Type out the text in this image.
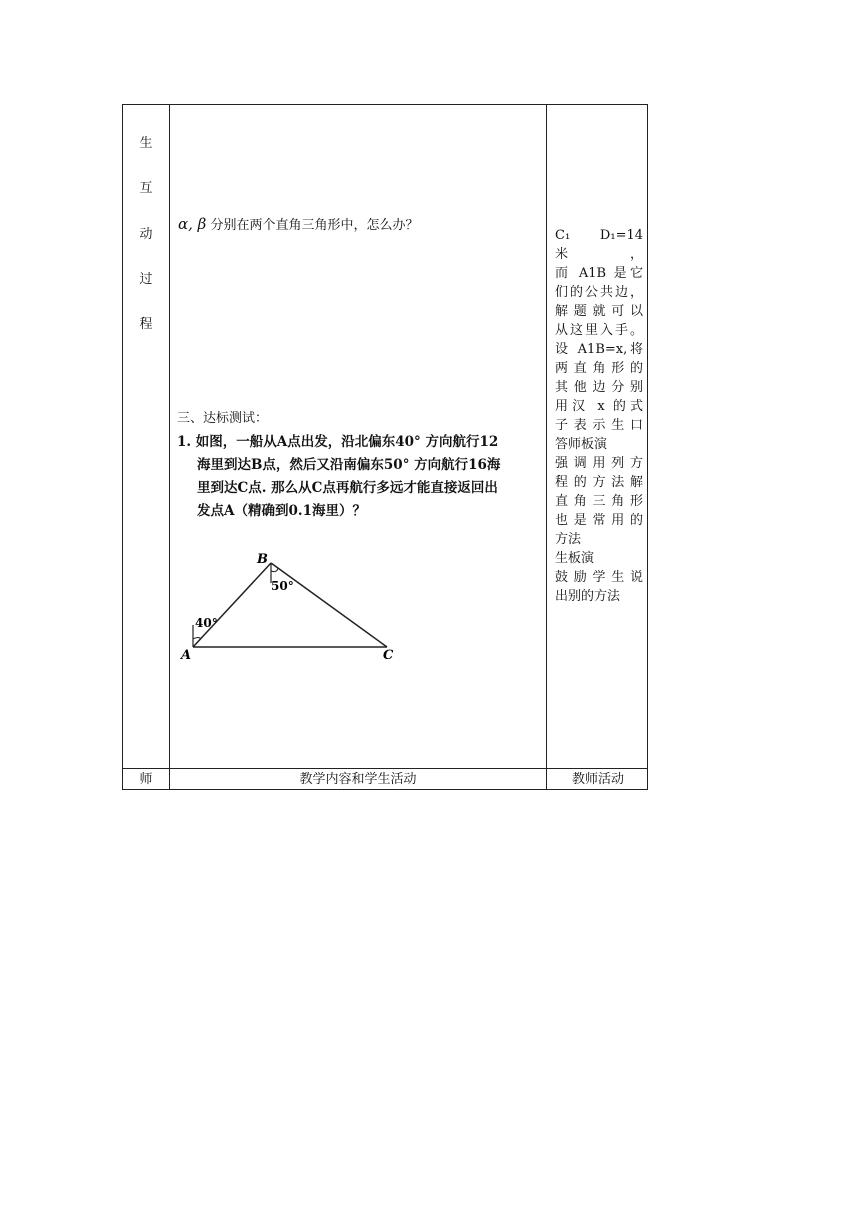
生
互
动
过
程
α, β 分别在两个直角三角形中，怎么办？
三、达标测试：
1. 如图，一船从A点出发，沿北偏东40° 方向航行12
海里到达B点，然后又沿南偏东50° 方向航行16海
里到达C点. 那么从C点再航行多远才能直接返回出
发点A（精确到0.1海里）？
A
B
C
40°
50°
师	教学内容和学生活动	教师活动
C₁ D₁=14 米，
而 A1B 是它
们的公共边，
解题就可以
从这里入手。
设 A1B=x,将
两直角形的
其他边分别
用汉 x 的式
子表示生口
答师板演
强调用列方
程的方法解
直角三角形
也是常用的
方法
生板演
鼓励学生说
出别的方法
